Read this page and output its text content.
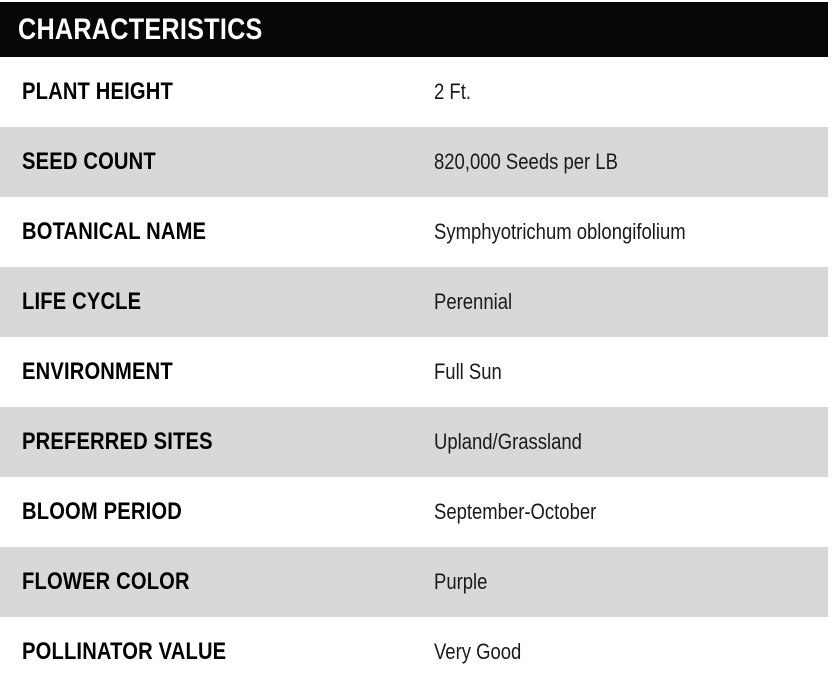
CHARACTERISTICS
PLANT HEIGHT	2 Ft.
SEED COUNT	820,000 Seeds per LB
BOTANICAL NAME	Symphyotrichum oblongifolium
LIFE CYCLE	Perennial
ENVIRONMENT	Full Sun
PREFERRED SITES	Upland/Grassland
BLOOM PERIOD	September-October
FLOWER COLOR	Purple
POLLINATOR VALUE	Very Good
